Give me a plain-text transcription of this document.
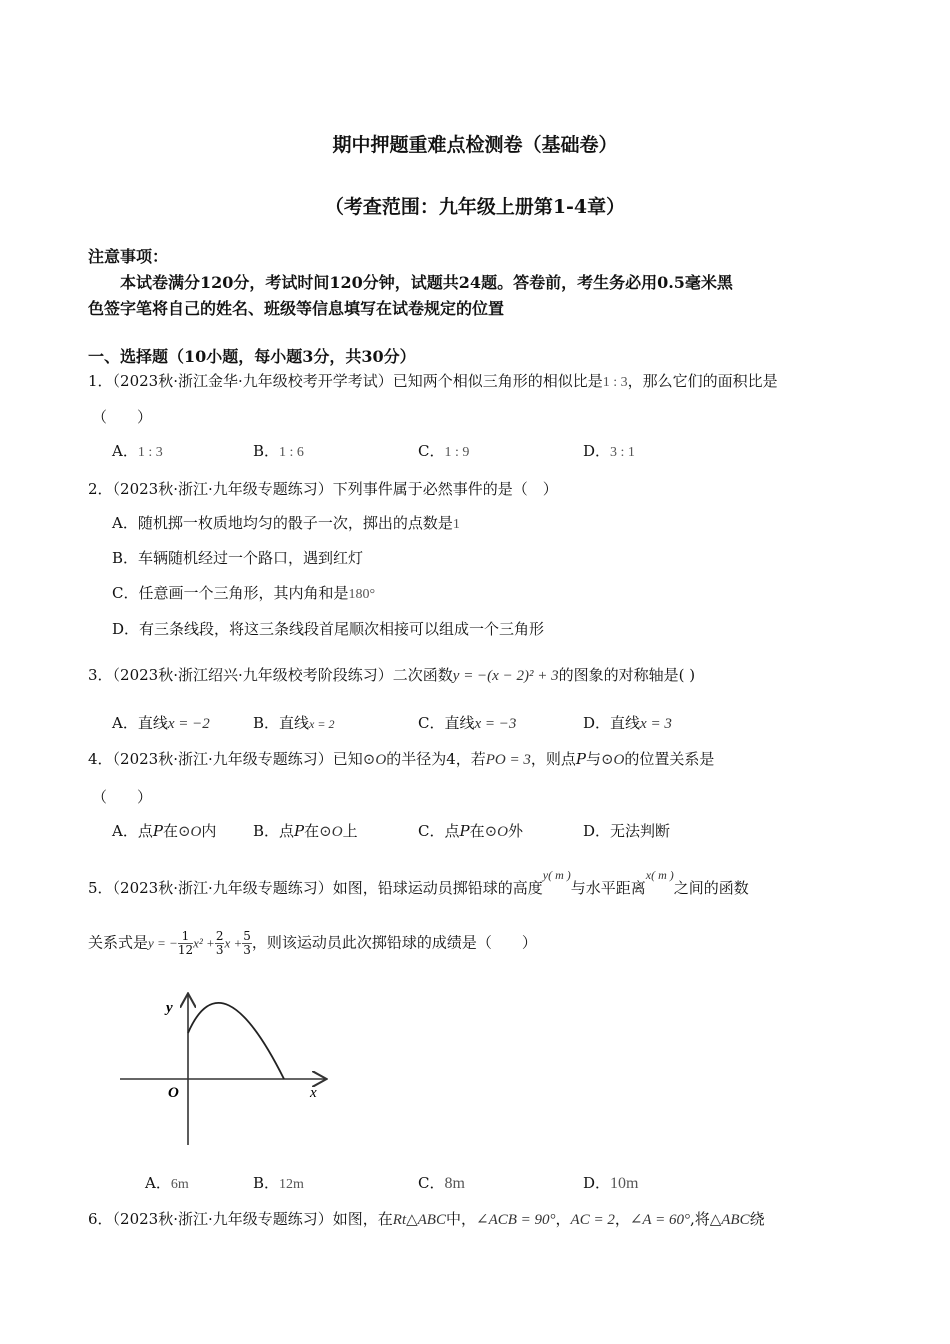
期中押题重难点检测卷（基础卷）
（考查范围：九年级上册第1-4章）
注意事项：
本试卷满分120分，考试时间120分钟，试题共24题。答卷前，考生务必用0.5毫米黑
色签字笔将自己的姓名、班级等信息填写在试卷规定的位置
一、选择题（10小题，每小题3分，共30分）
1．（2023秋·浙江金华·九年级校考开学考试）已知两个相似三角形的相似比是1 : 3，那么它们的面积比是
（　　）
A．1 : 3	B．1 : 6	C．1 : 9	D．3 : 1
2．（2023秋·浙江·九年级专题练习）下列事件属于必然事件的是（　）
A．随机掷一枚质地均匀的骰子一次，掷出的点数是1
B．车辆随机经过一个路口，遇到红灯
C．任意画一个三角形，其内角和是180°
D．有三条线段，将这三条线段首尾顺次相接可以组成一个三角形
3．（2023秋·浙江绍兴·九年级校考阶段练习）二次函数y = −(x − 2)² + 3的图象的对称轴是( )
A．直线x = −2	B．直线x = 2	C．直线x = −3	D．直线x = 3
4．（2023秋·浙江·九年级专题练习）已知⊙O的半径为4，若PO = 3，则点P与⊙O的位置关系是
（　　）
A．点P在⊙O内 B．点P在⊙O上	C．点P在⊙O外	D．无法判断
5．（2023秋·浙江·九年级专题练习）如图，铅球运动员掷铅球的高度$^{y( m )}$与水平距离$^{x( m )}$之间的函数
关系式是y = − $\frac{1}{12} x^2 + \frac{2}{3}$ $x + \frac{5}{3}$ ，则该运动员此次掷铅球的成绩是（　　）
y
x
O
A．6m	B．12m	C．8m	D．10m
6．（2023秋·浙江·九年级专题练习）如图，在Rt△ABC中，∠ACB = 90°，AC = 2，∠A = 60°,将△ABC绕
